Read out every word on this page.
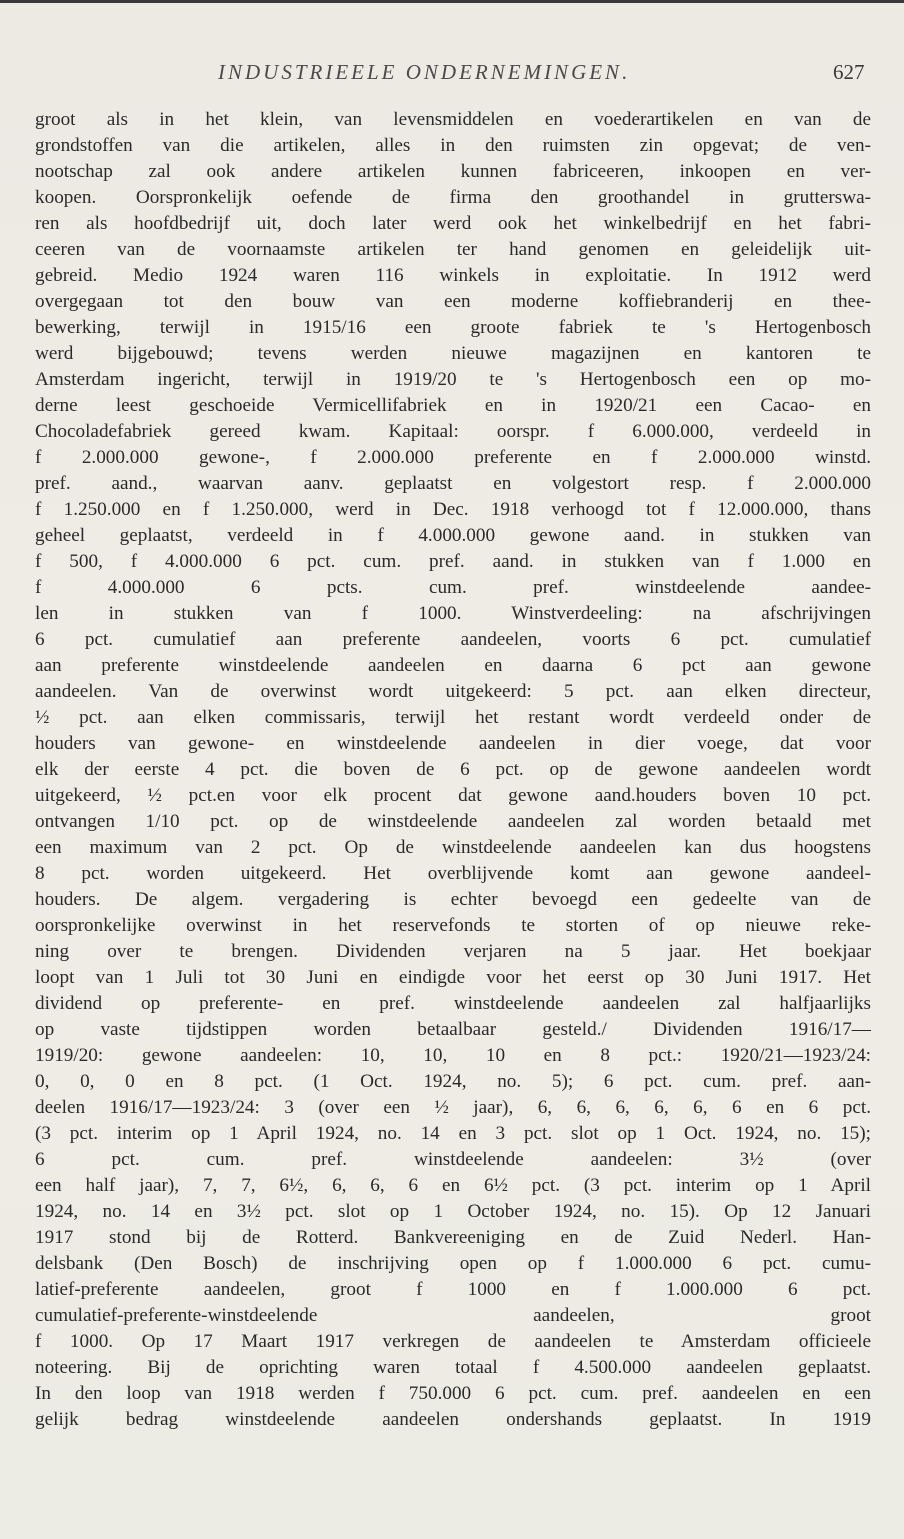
INDUSTRIEELE ONDERNEMINGEN.	627
groot als in het klein, van levensmiddelen en voederartikelen en van de
grondstoffen van die artikelen, alles in den ruimsten zin opgevat; de ven-
nootschap zal ook andere artikelen kunnen fabriceeren, inkoopen en ver-
koopen. Oorspronkelijk oefende de firma den groothandel in grutterswa-
ren als hoofdbedrijf uit, doch later werd ook het winkelbedrijf en het fabri-
ceeren van de voornaamste artikelen ter hand genomen en geleidelijk uit-
gebreid. Medio 1924 waren 116 winkels in exploitatie. In 1912 werd
overgegaan tot den bouw van een moderne koffiebranderij en thee-
bewerking, terwijl in 1915/16 een groote fabriek te 's Hertogenbosch
werd bijgebouwd; tevens werden nieuwe magazijnen en kantoren te
Amsterdam ingericht, terwijl in 1919/20 te 's Hertogenbosch een op mo-
derne leest geschoeide Vermicellifabriek en in 1920/21 een Cacao- en
Chocoladefabriek gereed kwam. Kapitaal: oorspr. f 6.000.000, verdeeld in
f 2.000.000 gewone-, f 2.000.000 preferente en f 2.000.000 winstd.
pref. aand., waarvan aanv. geplaatst en volgestort resp. f 2.000.000
f 1.250.000 en f 1.250.000, werd in Dec. 1918 verhoogd tot f 12.000.000, thans
geheel geplaatst, verdeeld in f 4.000.000 gewone aand. in stukken van
f 500, f 4.000.000 6 pct. cum. pref. aand. in stukken van f 1.000 en
f 4.000.000 6 pcts. cum. pref. winstdeelende aandee-
len in stukken van f 1000. Winstverdeeling: na afschrijvingen
6 pct. cumulatief aan preferente aandeelen, voorts 6 pct. cumulatief
aan preferente winstdeelende aandeelen en daarna 6 pct aan gewone
aandeelen. Van de overwinst wordt uitgekeerd: 5 pct. aan elken directeur,
½ pct. aan elken commissaris, terwijl het restant wordt verdeeld onder de
houders van gewone- en winstdeelende aandeelen in dier voege, dat voor
elk der eerste 4 pct. die boven de 6 pct. op de gewone aandeelen wordt
uitgekeerd, ½ pct.en voor elk procent dat gewone aand.houders boven 10 pct.
ontvangen 1/10 pct. op de winstdeelende aandeelen zal worden betaald met
een maximum van 2 pct. Op de winstdeelende aandeelen kan dus hoogstens
8 pct. worden uitgekeerd. Het overblijvende komt aan gewone aandeel-
houders. De algem. vergadering is echter bevoegd een gedeelte van de
oorspronkelijke overwinst in het reservefonds te storten of op nieuwe reke-
ning over te brengen. Dividenden verjaren na 5 jaar. Het boekjaar
loopt van 1 Juli tot 30 Juni en eindigde voor het eerst op 30 Juni 1917. Het
dividend op preferente- en pref. winstdeelende aandeelen zal halfjaarlijks
op vaste tijdstippen worden betaalbaar gesteld./ Dividenden 1916/17—
1919/20: gewone aandeelen: 10, 10, 10 en 8 pct.: 1920/21—1923/24:
0, 0, 0 en 8 pct. (1 Oct. 1924, no. 5); 6 pct. cum. pref. aan-
deelen 1916/17—1923/24: 3 (over een ½ jaar), 6, 6, 6, 6, 6, 6 en 6 pct.
(3 pct. interim op 1 April 1924, no. 14 en 3 pct. slot op 1 Oct. 1924, no. 15);
6 pct. cum. pref. winstdeelende aandeelen: 3½ (over
een half jaar), 7, 7, 6½, 6, 6, 6 en 6½ pct. (3 pct. interim op 1 April
1924, no. 14 en 3½ pct. slot op 1 October 1924, no. 15). Op 12 Januari
1917 stond bij de Rotterd. Bankvereeniging en de Zuid Nederl. Han-
delsbank (Den Bosch) de inschrijving open op f 1.000.000 6 pct. cumu-
latief-preferente aandeelen, groot f 1000 en f 1.000.000 6 pct.
cumulatief-preferente-winstdeelende aandeelen, groot
f 1000. Op 17 Maart 1917 verkregen de aandeelen te Amsterdam officieele
noteering. Bij de oprichting waren totaal f 4.500.000 aandeelen geplaatst.
In den loop van 1918 werden f 750.000 6 pct. cum. pref. aandeelen en een
gelijk bedrag winstdeelende aandeelen ondershands geplaatst. In 1919
